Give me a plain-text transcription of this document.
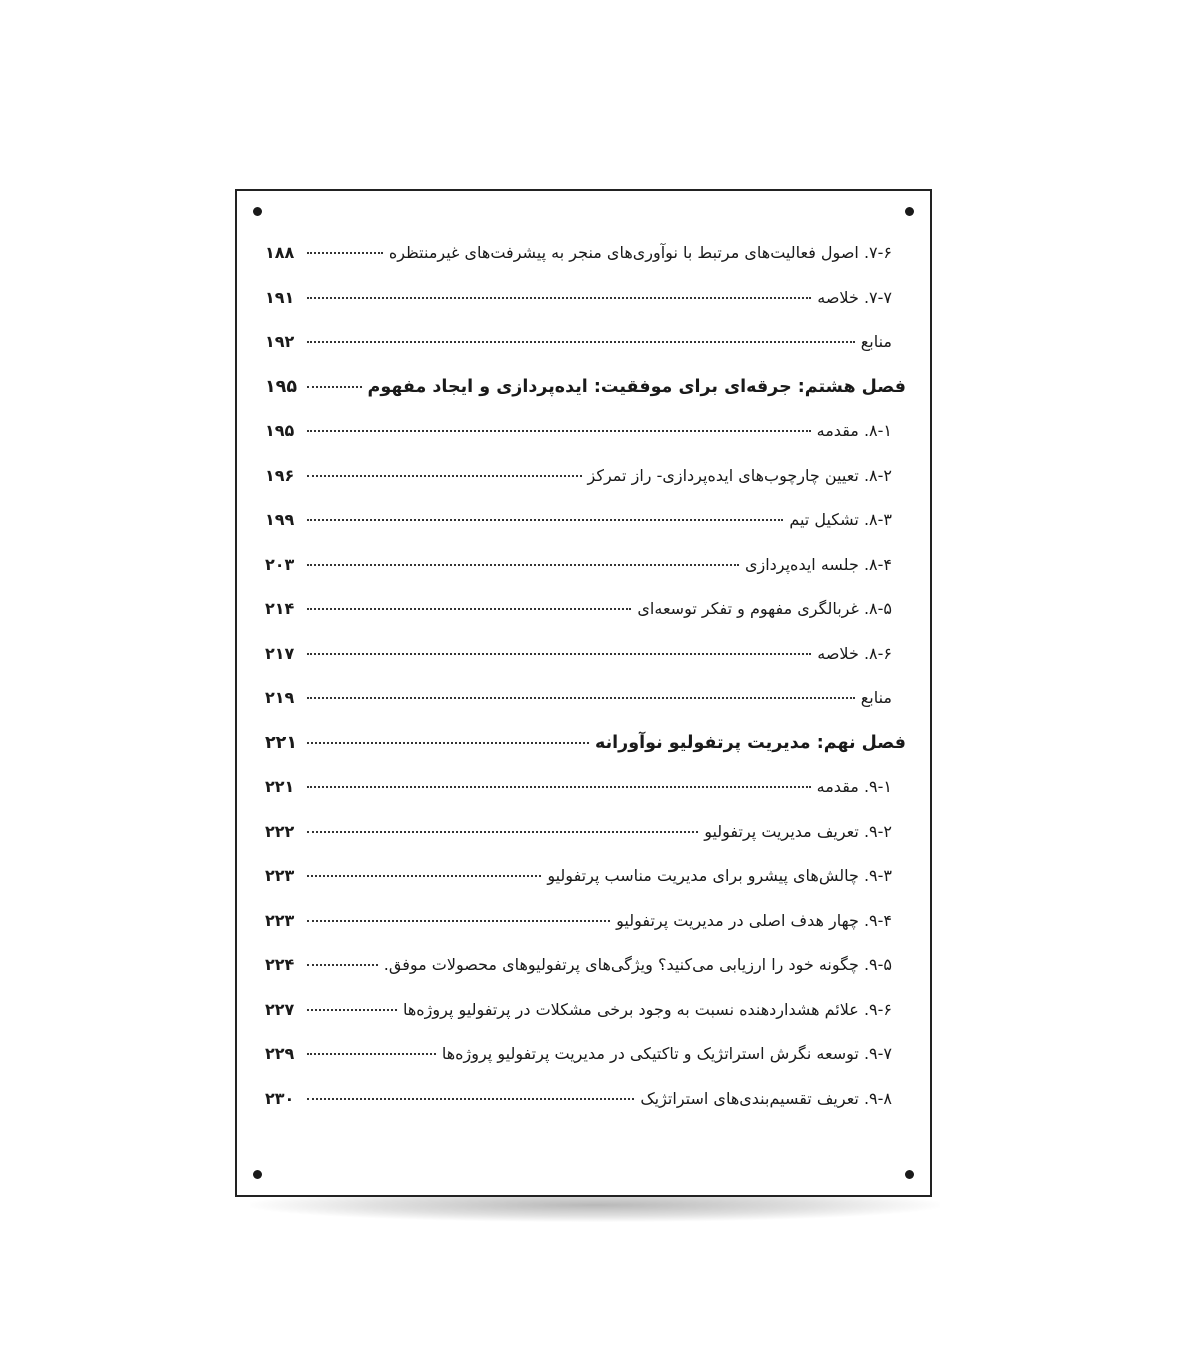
۷-۶. اصول فعالیت‌های مرتبط با نوآوری‌های منجر به پیشرفت‌های غیرمنتظره
۱۸۸
۷-۷. خلاصه
۱۹۱
منابع
۱۹۲
فصل هشتم: جرقه‌ای برای موفقیت: ایده‌پردازی و ایجاد مفهوم
۱۹۵
۸-۱. مقدمه
۱۹۵
۸-۲. تعیین چارچوب‌های ایده‌پردازی- راز تمرکز
۱۹۶
۸-۳. تشکیل تیم
۱۹۹
۸-۴. جلسه ایده‌پردازی
۲۰۳
۸-۵. غربالگری مفهوم و تفکر توسعه‌ای
۲۱۴
۸-۶. خلاصه
۲۱۷
منابع
۲۱۹
فصل نهم: مدیریت پرتفولیو نوآورانه
۲۲۱
۹-۱. مقدمه
۲۲۱
۹-۲. تعریف مدیریت پرتفولیو
۲۲۲
۹-۳. چالش‌های پیشرو برای مدیریت مناسب پرتفولیو
۲۲۳
۹-۴. چهار هدف اصلی در مدیریت پرتفولیو
۲۲۳
۹-۵. چگونه خود را ارزیابی می‌کنید؟ ویژگی‌های پرتفولیوهای محصولات موفق.
۲۲۴
۹-۶. علائم هشداردهنده نسبت به وجود برخی مشکلات در پرتفولیو پروژه‌ها
۲۲۷
۹-۷. توسعه نگرش استراتژیک و تاکتیکی در مدیریت پرتفولیو پروژه‌ها
۲۲۹
۹-۸. تعریف تقسیم‌بندی‌های استراتژیک
۲۳۰
